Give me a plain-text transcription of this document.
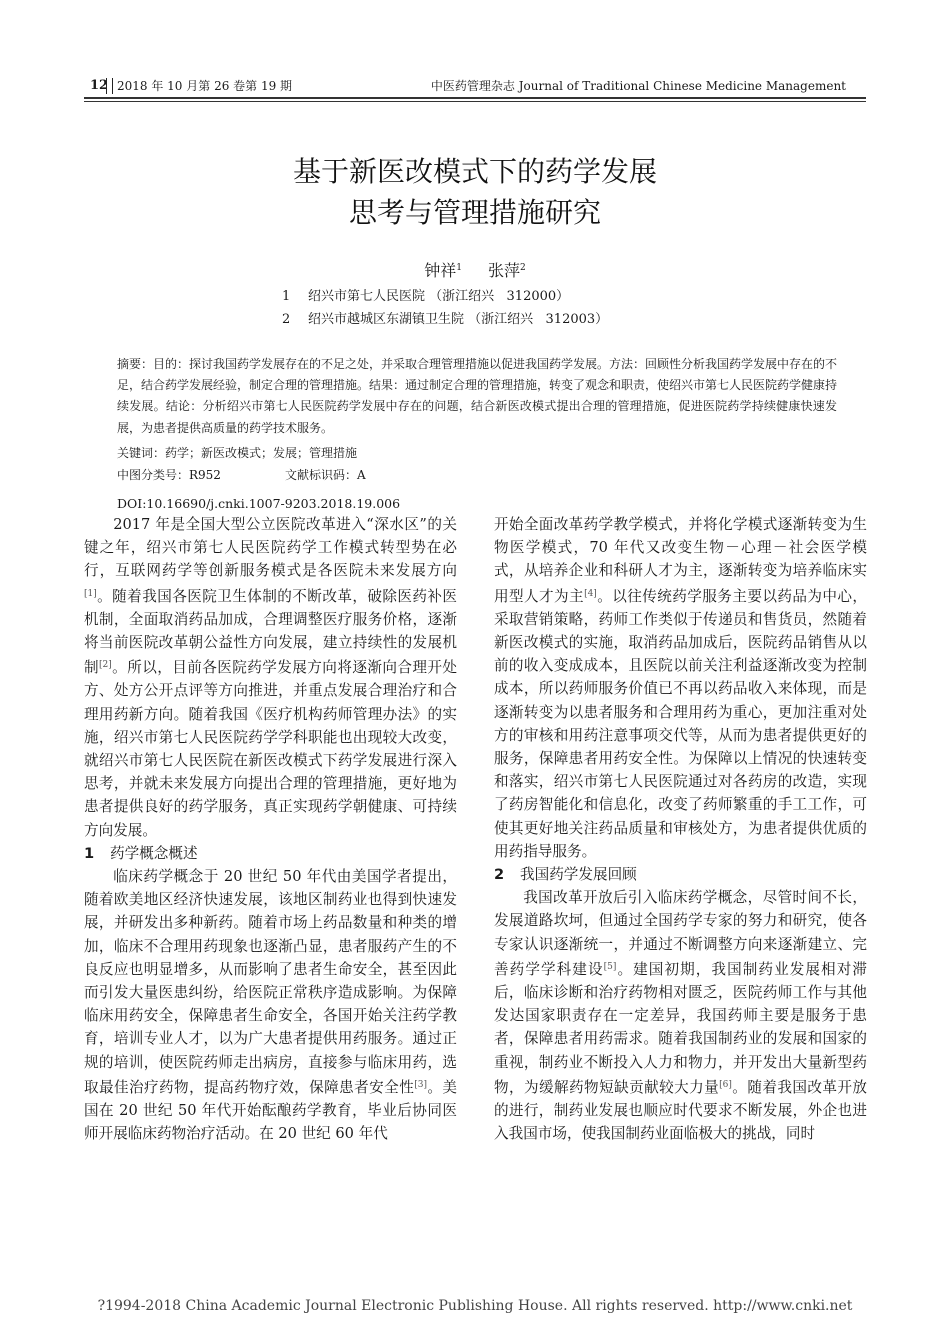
12 2018 年 10 月第 26 卷第 19 期	中医药管理杂志 Journal of Traditional Chinese Medicine Management
基于新医改模式下的药学发展
思考与管理措施研究
钟祥$^1$ 张萍$^2$
1 绍兴市第七人民医院 （浙江绍兴   312000）
2 绍兴市越城区东湖镇卫生院 （浙江绍兴   312003）
摘要：目的：探讨我国药学发展存在的不足之处，并采取合理管理措施以促进我国药学发展。方法：回顾性分析我国药学发展中存在的不足，结合药学发展经验，制定合理的管理措施。结果：通过制定合理的管理措施，转变了观念和职责，使绍兴市第七人民医院药学健康持续发展。结论：分析绍兴市第七人民医院药学发展中存在的问题，结合新医改模式提出合理的管理措施，促进医院药学持续健康快速发展，为患者提供高质量的药学技术服务。
关键词：药学；新医改模式；发展；管理措施
中图分类号：R952	文献标识码：A
DOI:10.16690/j.cnki.1007-9203.2018.19.006

2017 年是全国大型公立医院改革进入“深水区”的关键之年，绍兴市第七人民医院药学工作模式转型势在必行，互联网药学等创新服务模式是各医院未来发展方向[1]。随着我国各医院卫生体制的不断改革，破除医药补医机制，全面取消药品加成，合理调整医疗服务价格，逐渐将当前医院改革朝公益性方向发展，建立持续性的发展机制[2]。所以，目前各医院药学发展方向将逐渐向合理开处方、处方公开点评等方向推进，并重点发展合理治疗和合理用药新方向。随着我国《医疗机构药师管理办法》的实施，绍兴市第七人民医院药学学科职能也出现较大改变，就绍兴市第七人民医院在新医改模式下药学发展进行深入思考，并就未来发展方向提出合理的管理措施，更好地为患者提供良好的药学服务，真正实现药学朝健康、可持续方向发展。

1 药学概念概述

临床药学概念于 20 世纪 50 年代由美国学者提出，随着欧美地区经济快速发展，该地区制药业也得到快速发展，并研发出多种新药。随着市场上药品数量和种类的增加，临床不合理用药现象也逐渐凸显，患者服药产生的不良反应也明显增多，从而影响了患者生命安全，甚至因此而引发大量医患纠纷，给医院正常秩序造成影响。为保障临床用药安全，保障患者生命安全，各国开始关注药学教育，培训专业人才，以为广大患者提供用药服务。通过正规的培训，使医院药师走出病房，直接参与临床用药，选取最佳治疗药物，提高药物疗效，保障患者安全性[3]。美国在 20 世纪 50 年代开始酝酿药学教育，毕业后协同医师开展临床药物治疗活动。在 20 世纪 60 年代

开始全面改革药学教学模式，并将化学模式逐渐转变为生物医学模式，70 年代又改变生物－心理－社会医学模式，从培养企业和科研人才为主，逐渐转变为培养临床实用型人才为主[4]。以往传统药学服务主要以药品为中心，采取营销策略，药师工作类似于传递员和售货员，然随着新医改模式的实施，取消药品加成后，医院药品销售从以前的收入变成成本，且医院以前关注利益逐渐改变为控制成本，所以药师服务价值已不再以药品收入来体现，而是逐渐转变为以患者服务和合理用药为重心，更加注重对处方的审核和用药注意事项交代等，从而为患者提供更好的服务，保障患者用药安全性。为保障以上情况的快速转变和落实，绍兴市第七人民医院通过对各药房的改造，实现了药房智能化和信息化，改变了药师繁重的手工工作，可使其更好地关注药品质量和审核处方，为患者提供优质的用药指导服务。

2 我国药学发展回顾

我国改革开放后引入临床药学概念，尽管时间不长，发展道路坎坷，但通过全国药学专家的努力和研究，使各专家认识逐渐统一，并通过不断调整方向来逐渐建立、完善药学学科建设[5]。建国初期，我国制药业发展相对滞后，临床诊断和治疗药物相对匮乏，医院药师工作与其他发达国家职责存在一定差异，我国药师主要是服务于患者，保障患者用药需求。随着我国制药业的发展和国家的重视，制药业不断投入人力和物力，并开发出大量新型药物，为缓解药物短缺贡献较大力量[6]。随着我国改革开放的进行，制药业发展也顺应时代要求不断发展，外企也进入我国市场，使我国制药业面临极大的挑战，同时

?1994-2018 China Academic Journal Electronic Publishing House. All rights reserved. http://www.cnki.net
